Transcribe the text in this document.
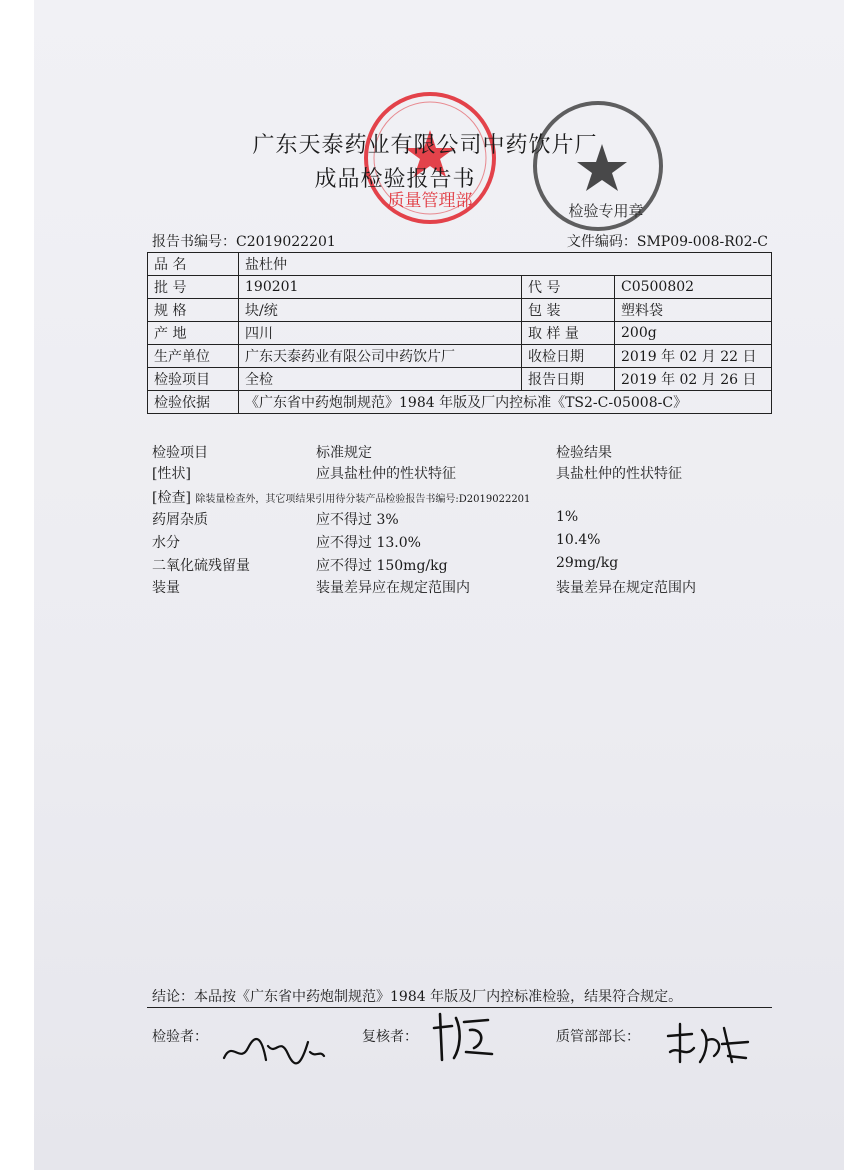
质量管理部	检验专用章
广东天泰药业有限公司中药饮片厂
成品检验报告书
报告书编号：C2019022201	文件编码：SMP09-008-R02-C
品 名	盐杜仲		
批 号	190201	代 号	C0500802
规 格	块/统	包 装	塑料袋
产 地	四川	取 样 量	200g
生产单位	广东天泰药业有限公司中药饮片厂	收检日期	2019 年 02 月 22 日
检验项目	全检	报告日期	2019 年 02 月 26 日
检验依据	《广东省中药炮制规范》1984 年版及厂内控标准《TS2-C-05008-C》		
检验项目	标准规定	检验结果
[性状]	应具盐杜仲的性状特征	具盐杜仲的性状特征
[检查] 除装量检查外，其它项结果引用待分装产品检验报告书编号:D2019022201
药屑杂质	应不得过 3%	1%
水分	应不得过 13.0%	10.4%
二氧化硫残留量	应不得过 150mg/kg	29mg/kg
装量	装量差异应在规定范围内	装量差异在规定范围内
结论：本品按《广东省中药炮制规范》1984 年版及厂内控标准检验，结果符合规定。
检验者：	复核者：	质管部部长：
